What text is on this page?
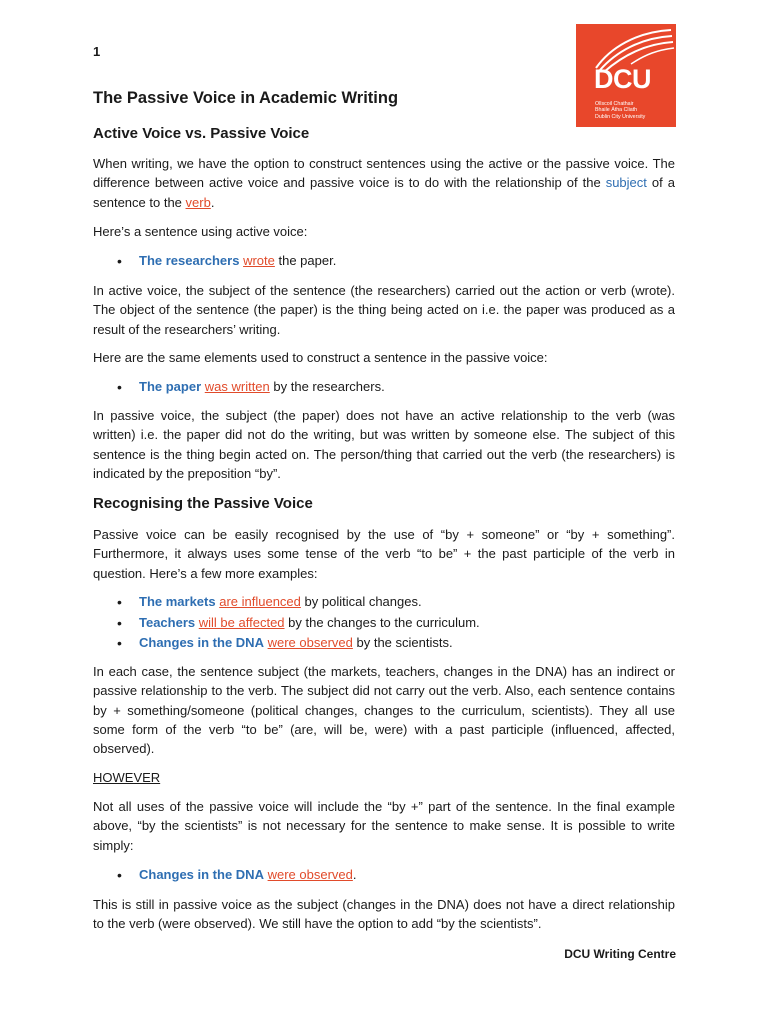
1
DCU
Ollscoil Chathair
Bhaile Átha Cliath
Dublin City University
The Passive Voice in Academic Writing
Active Voice vs. Passive Voice

When writing, we have the option to construct sentences using the active or the passive voice. The difference between active voice and passive voice is to do with the relationship of the subject of a sentence to the verb.

Here’s a sentence using active voice:

• The researchers wrote the paper.

In active voice, the subject of the sentence (the researchers) carried out the action or verb (wrote). The object of the sentence (the paper) is the thing being acted on i.e. the paper was produced as a result of the researchers’ writing.

Here are the same elements used to construct a sentence in the passive voice:

• The paper was written by the researchers.

In passive voice, the subject (the paper) does not have an active relationship to the verb (was written) i.e. the paper did not do the writing, but was written by someone else. The subject of this sentence is the thing begin acted on. The person/thing that carried out the verb (the researchers) is indicated by the preposition “by”.

Recognising the Passive Voice

Passive voice can be easily recognised by the use of “by + someone” or “by + something”. Furthermore, it always uses some tense of the verb “to be” + the past participle of the verb in question. Here’s a few more examples:

• The markets are influenced by political changes.
• Teachers will be affected by the changes to the curriculum.
• Changes in the DNA were observed by the scientists.

In each case, the sentence subject (the markets, teachers, changes in the DNA) has an indirect or passive relationship to the verb. The subject did not carry out the verb. Also, each sentence contains by + something/someone (political changes, changes to the curriculum, scientists). They all use some form of the verb “to be” (are, will be, were) with a past participle (influenced, affected, observed).

HOWEVER

Not all uses of the passive voice will include the “by +” part of the sentence. In the final example above, “by the scientists” is not necessary for the sentence to make sense. It is possible to write simply:

• Changes in the DNA were observed.

This is still in passive voice as the subject (changes in the DNA) does not have a direct relationship to the verb (were observed). We still have the option to add “by the scientists”.

DCU Writing Centre
